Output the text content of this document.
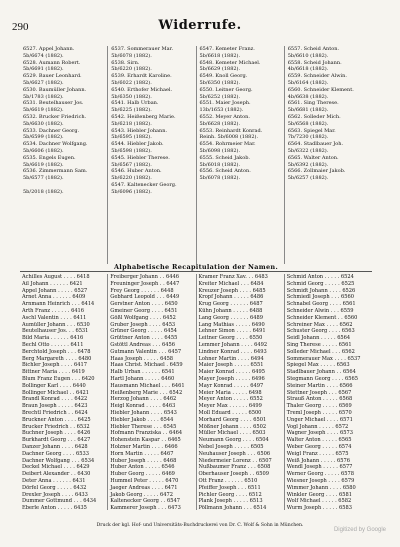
290	Widerrufe.
6527. Appel Johann.
5b/6674 (1882).
6528. Aumann Robert.
5b/6691 (1882).
6529. Bauer Leonhard.
5b/6627 (1882).
6530. Baumüller Johann.
5b/1783 (1882).
6531. Beutelhauser Jos.
5b/6619 (1882).
6532. Brucker Friedrich.
5b/6630 (1882).
6533. Dachner Georg.
5b/6599 (1882).
6534. Dachner Wolfgang.
5b/6606 (1882).
6535. Engels Eugen.
5b/6619 (1882).
6536. Zimmermann Sam.
5b/6577 (1882).

5b/2018 (1882).
6537. Sommerauer Mar.
5b/6078 (1882).
6538. Sirn.
5b/6220 (1882).
6539. Erhardt Karoline.
5b/6022 (1882).
6540. Erthofer Michael.
5b/6350 (1882).
6541. Halb Urban.
5b/6225 (1882).
6542. Heißenberg Marie.
5b/6218 (1882).
6543. Hiebler Johann.
5b/6595 (1882).
6544. Hiebler Jakob.
5b/6598 (1882).
6545. Hiebler Therese.
5b/6567 (1882).
6546. Huber Anton.
5b/6220 (1882).
6547. Kaltenecker Georg.
5b/6096 (1882).
6547. Kemeter Franz.
5b/6618 (1882).
6548. Kemeter Michael.
5b/6629 (1882).
6549. Knoll Georg.
5b/6350 (1882).
6550. Leitner Georg.
5b/6252 (1882).
6551. Maier Joseph.
13b/1653 (1882).
6552. Meyer Anton.
5b/6628 (1882).
6553. Reinhardt Konrad.
Reinh. 5b/6008 (1882).
6554. Rohrmeier Mar.
5b/6098 (1882).
6555. Scheid Jakob.
5b/6018 (1882).
6556. Scheid Anton.
5b/6078 (1882).
6557. Scheid Anton.
5b/6610 (1882).
6558. Scheid Johann.
4b/6618 (1882).
6559. Schneider Alwin.
5b/6164 (1882).
6560. Schneider Klement.
4b/6638 (1882).
6561. Sing Therese.
5b/6681 (1882).
6562. Solleder Mich.
5b/6568 (1882).
6563. Spiegel Mar.
7b/7230 (1882).
6564. Stadlbauer Joh.
5b/6322 (1882).
6565. Walter Anton.
5b/6392 (1882).
6566. Zollmaier Jakob.
5b/6257 (1882).
Alphabetische Recapitulation der Namen.
Achilles August . . . . 6418
Ail Johann . . . . . . 6421
Appel Johann . . . . . 6527
Arnet Anna . . . . . . 6409
Arnmann Heinrich . . . 6414
Arth Franz . . . . . . 6416
Aschl Valentin . . . . 6411
Aumüller Johann . . . 6530
Beutelhauser Jos. . . 6531
Bild Maria . . . . . . 6416
Bechl Otto . . . . . . 6411
Berchtold Joseph . . . 6478
Berg Margareth . . . . 6480
Bichler Joseph . . . . 6417
Bittner Maria . . . . 6419
Blum Franz Eugen . . . 6420
Bollinger Karl . . . . 6440
Bollinger Michael . . 6421
Brandl Konrad . . . . 6422
Braun Joseph . . . . . 6423
Brechtl Friedrich . . 6424
Bruckner Anton . . . . 6425
Brucker Friedrich . . 6532
Buchner Joseph . . . . 6426
Burkhardt Georg . . . 6427
Danzer Johann . . . . 6428
Dachner Georg . . . . 6533
Dachner Wolfgang . . . 6534
Deckel Michael . . . . 6429
Deibert Alexander . . 6430
Deter Anna . . . . . . 6431
Dörfel Georg . . . . . 6432
Drexler Joseph . . . . 6433
Dummer Gottmund . . . 6434
Eberle Anton . . . . . 6435
Freiberger Johann . . 6446
Freuninger Joseph . . 6447
Frey Georg . . . . . . 6448
Gebhard Leopold . . . 6449
Gerstner Anton . . . . 6450
Gmeiner Georg . . . . 6451
Gößl Wolfgang . . . . 6452
Gruber Joseph . . . . 6453
Grüner Georg . . . . . 6454
Grüttner Anton . . . . 6455
Gstöttl Andreas . . . 6456
Gutmann Valentin . . . 6457
Haas Joseph . . . . . 6458
Haas Christ. Michael . 6459
Halb Urban . . . . . . 6541
Hartl Johann . . . . . 6460
Hausmann Michael . . . 6461
Heißenberg Marie . . . 6542
Herzog Johann . . . . 6462
Heigl Konrad . . . . . 6463
Hiebler Johann . . . . 6543
Hiebler Jakob . . . . 6544
Hiebler Therese . . . 6545
Hofmann Franziska . . 6464
Hohenstein Kaspar . . 6465
Holzner Martin . . . . 6466
Horn Martin . . . . . 6467
Huber Joseph . . . . . 6468
Huber Anton . . . . . 6546
Huber Georg . . . . . 6469
Hummel Peter . . . . . 6470
Jaeger Andreas . . . . 6471
Jakob Georg . . . . . 6472
Kaltenecker Georg . . 6547
Kammerer Joseph . . . 6473
Kramer Franz Xav. . . 6483
Kreiter Michael . . . 6484
Kreuzer Joseph . . . . 6485
Kropf Johann . . . . . 6486
Krug Georg . . . . . . 6487
Kühn Johann . . . . . 6488
Lang Georg . . . . . . 6489
Lang Mathias . . . . . 6490
Lehner Simon . . . . . 6491
Leitner Georg . . . . 6550
Lemmer Johann . . . . 6492
Lindner Konrad . . . . 6493
Lohner Martin . . . . 6494
Maier Joseph . . . . . 6551
Maier Konrad . . . . . 6495
Mayer Joseph . . . . . 6496
Mayr Konrad . . . . . 6497
Meier Maria . . . . . 6498
Meyer Anton . . . . . 6552
Meyer Max . . . . . . 6499
Moll Eduard . . . . . 6500
Morhard Georg . . . . 6501
Mößner Johann . . . . 6502
Müller Michael . . . . 6503
Neumann Georg . . . . 6504
Nebel Joseph . . . . . 6505
Neuhauser Joseph . . . 6506
Niedermeier Lorenz . . 6507
Nußbaumer Franz . . . 6508
Oberhauser Joseph . . 6509
Ott Franz . . . . . . 6510
Pfeiffer Joseph . . . 6511
Pichler Georg . . . . 6512
Plank Joseph . . . . . 6513
Pöllmann Johann . . . 6514
Schmid Anton . . . . . 6524
Schmid Georg . . . . . 6525
Schmidt Johann . . . . 6526
Schmiedl Joseph . . . 6560
Schnabel Georg . . . . 6561
Schneider Alwin . . . 6559
Schneider Klement . . 6560
Schreiner Max . . . . 6562
Schuster Georg . . . . 6563
Seidl Johann . . . . . 6564
Sing Therese . . . . . 6561
Solleder Michael . . . 6562
Sommerauer Max . . . . 6537
Spiegel Max . . . . . 6563
Stadlbauer Johann . . 6564
Stegmann Georg . . . . 6565
Steiner Martin . . . . 6566
Stettner Joseph . . . 6567
Strauß Anton . . . . . 6568
Thaler Georg . . . . . 6569
Treml Joseph . . . . . 6570
Unger Michael . . . . 6571
Vogl Johann . . . . . 6572
Wagner Joseph . . . . 6573
Walter Anton . . . . . 6565
Weber Georg . . . . . 6574
Weigl Franz . . . . . 6575
Weiß Johann . . . . . 6576
Wendl Joseph . . . . . 6577
Werner Georg . . . . . 6578
Wiesner Joseph . . . . 6579
Wimmer Johann . . . . 6580
Winkler Georg . . . . 6581
Wolf Michael . . . . . 6582
Wurm Joseph . . . . . 6583
Druck der kgl. Hof- und Universitäts-Buchdruckerei von Dr. C. Wolf & Sohn in München.
Digitized by Google
